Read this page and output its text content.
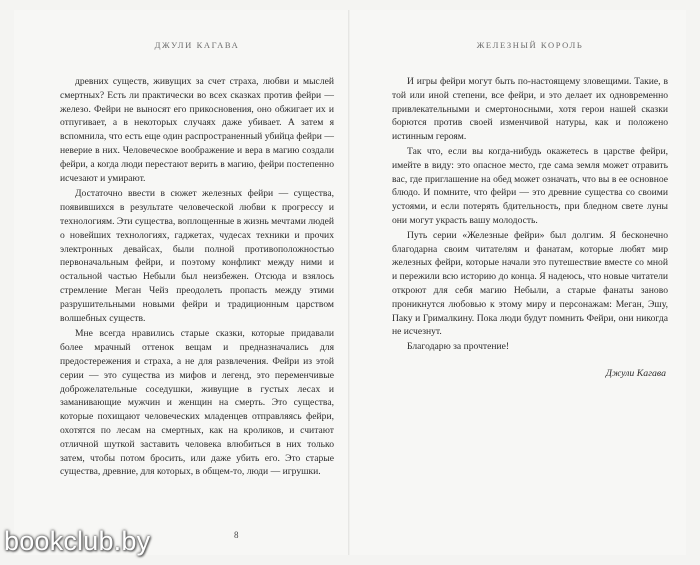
ДЖУЛИ КАГАВА

древних существ, живущих за счет страха, любви и мыслей смертных? Есть ли практически во всех сказках против фейри — железо. Фейри не выносят его прикосновения, оно обжигает их и отпугивает, а в некоторых случаях даже убивает. А затем я вспомнила, что есть еще один распространенный убийца фейри — неверие в них. Человеческое воображение и вера в магию создали фейри, а когда люди перестают верить в магию, фейри постепенно исчезают и умирают.

Достаточно ввести в сюжет железных фейри — существа, появившихся в результате человеческой любви к прогрессу и технологиям. Эти существа, воплощенные в жизнь мечтами людей о новейших технологиях, гаджетах, чудесах техники и прочих электронных девайсах, были полной противоположностью первоначальным фейри, и поэтому конфликт между ними и остальной частью Небыли был неизбежен. Отсюда и взялось стремление Меган Чейз преодолеть пропасть между этими разрушительными новыми фейри и традиционным царством волшебных существ.

Мне всегда нравились старые сказки, которые придавали более мрачный оттенок вещам и предназначались для предостережения и страха, а не для развлечения. Фейри из этой серии — это существа из мифов и легенд, это переменчивые доброжелательные соседушки, живущие в густых лесах и заманивающие мужчин и женщин на смерть. Это существа, которые похищают человеческих младенцев отправляясь фейри, охотятся по лесам на смертных, как на кроликов, и считают отличной шуткой заставить человека влюбиться в них только затем, чтобы потом бросить, или даже убить его. Это старые существа, древние, для которых, в общем-то, люди — игрушки.

8
ЖЕЛЕЗНЫЙ КОРОЛЬ

И игры фейри могут быть по-настоящему зловещими. Такие, в той или иной степени, все фейри, и это делает их одновременно привлекательными и смертоносными, хотя герои нашей сказки борются против своей изменчивой натуры, как и положено истинным героям.

Так что, если вы когда-нибудь окажетесь в царстве фейри, имейте в виду: это опасное место, где сама земля может отравить вас, где приглашение на обед может означать, что вы в ее основное блюдо. И помните, что фейри — это древние существа со своими устоями, и если потерять бдительность, при бледном свете луны они могут украсть вашу молодость.

Путь серии «Железные фейри» был долгим. Я бесконечно благодарна своим читателям и фанатам, которые любят мир железных фейри, которые начали это путешествие вместе со мной и пережили всю историю до конца. Я надеюсь, что новые читатели откроют для себя магию Небыли, а старые фанаты заново проникнутся любовью к этому миру и персонажам: Меган, Эшу, Паку и Грималкину. Пока люди будут помнить Фейри, они никогда не исчезнут.

Благодарю за прочтение!

Джули Кагава
bookclub.by
